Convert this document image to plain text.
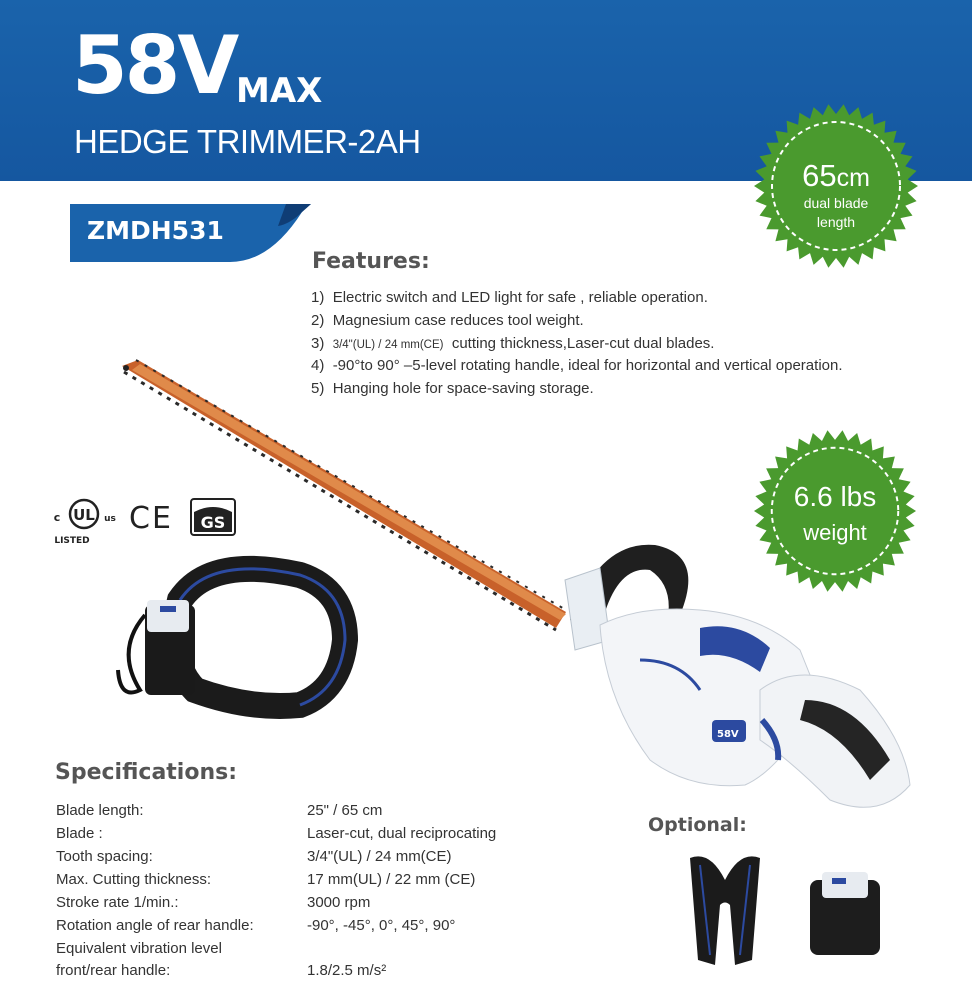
58V MAX
HEDGE TRIMMER-2AH
ZMDH531
Features:
1) Electric switch and LED light for safe , reliable operation.
2) Magnesium case reduces tool weight.
3) 3/4"(UL) / 24 mm(CE) cutting thickness,Laser-cut dual blades.
4) -90°to 90° –5-level rotating handle, ideal for horizontal and vertical operation.
5) Hanging hole for space-saving storage.
58V
65cm
dual blade
length
6.6 lbs
weight
UL
c	us
LISTED
CE GS
Specifications:
Blade length:	25" / 65 cm
Blade :	Laser-cut, dual reciprocating
Tooth spacing:	3/4"(UL) / 24 mm(CE)
Max. Cutting thickness:	17 mm(UL) / 22 mm (CE)
Stroke rate 1/min.:	3000 rpm
Rotation angle of rear handle:	-90°, -45°, 0°, 45°, 90°
Equivalent vibration level
front/rear handle:	1.8/2.5 m/s²
Optional:
